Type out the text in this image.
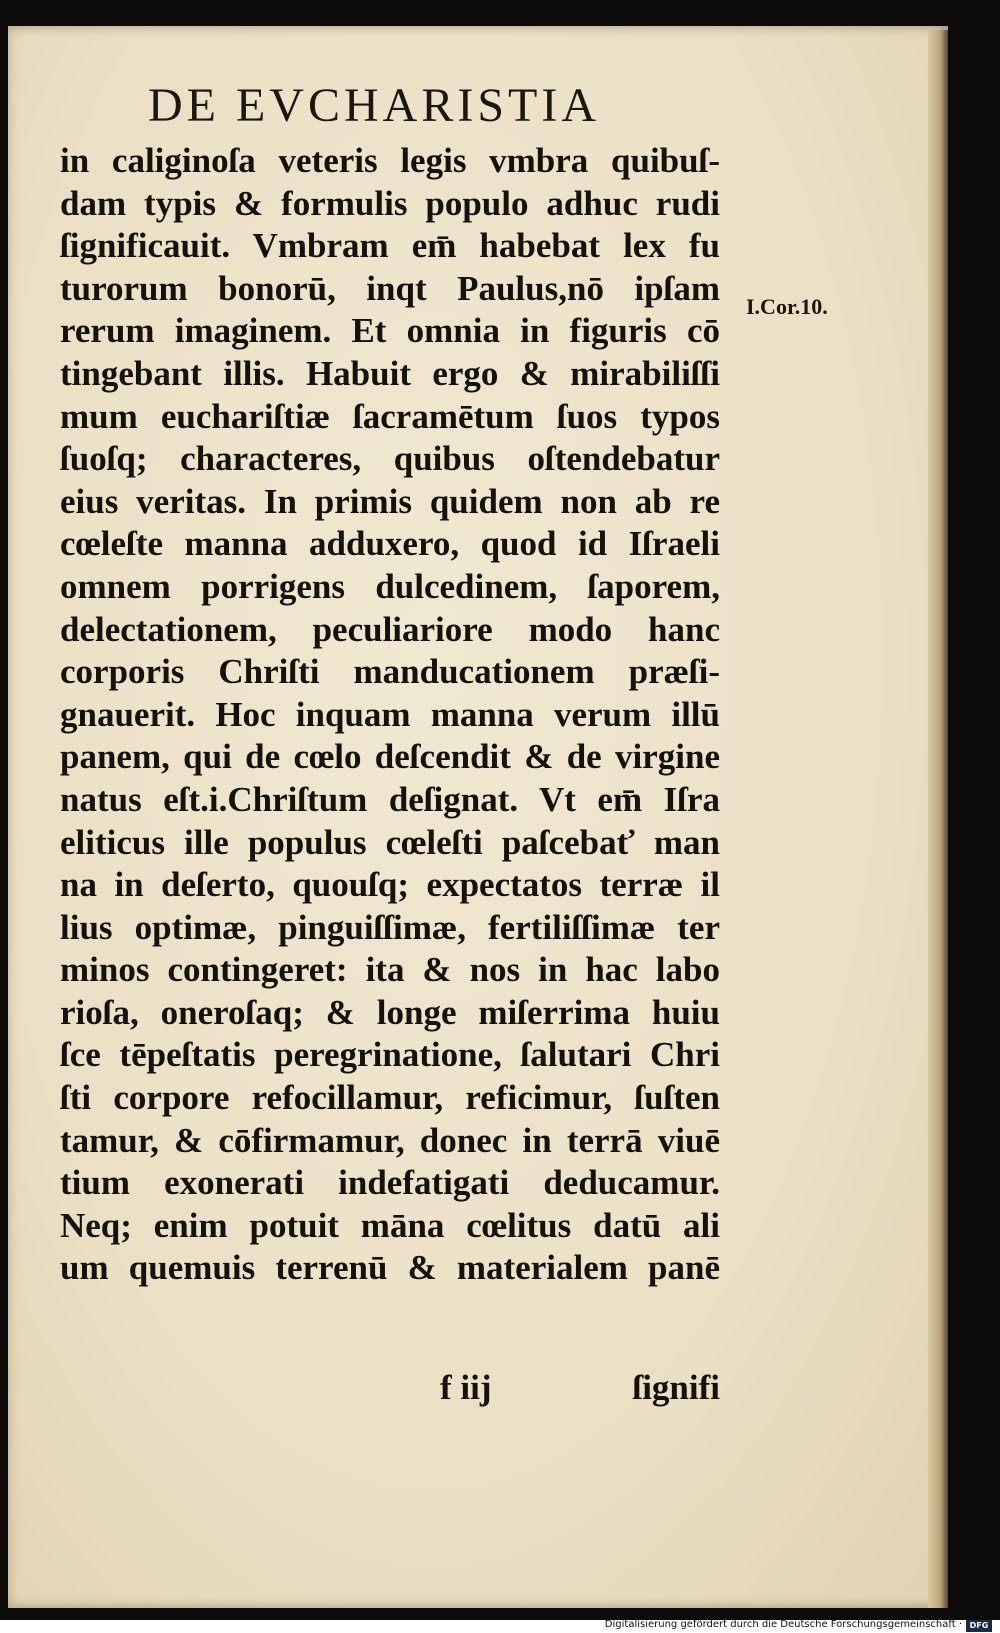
DE EVCHARISTIA
in caliginoſa veteris legis vmbra quibuſ-
dam typis & formulis populo adhuc rudi
ſignificauit. Vmbram em̄ habebat lex fu
turorum bonorū, inqt Paulus,nō ipſam
rerum imaginem. Et omnia in figuris cō
tingebant illis. Habuit ergo & mirabiliſſi
mum euchariſtiæ ſacramētum ſuos typos
ſuoſq; characteres, quibus oſtendebatur
eius veritas. In primis quidem non ab re
cœleſte manna adduxero, quod id Iſraeli
omnem porrigens dulcedinem, ſaporem,
delectationem, peculiariore modo hanc
corporis Chriſti manducationem præſi-
gnauerit. Hoc inquam manna verum illū
panem, qui de cœlo deſcendit & de virgine
natus eſt.i.Chriſtum deſignat. Vt em̄ Iſra
eliticus ille populus cœleſti paſcebať man
na in deſerto, quouſq; expectatos terræ il
lius optimæ, pinguiſſimæ, fertiliſſimæ ter
minos contingeret: ita & nos in hac labo
rioſa, oneroſaq; & longe miſerrima huiu
ſce tēpeſtatis peregrinatione, ſalutari Chri
ſti corpore refocillamur, reficimur, ſuſten
tamur, & cōfirmamur, donec in terrā viuē
tium exonerati indefatigati deducamur.
Neq; enim potuit māna cœlitus datū ali
um quemuis terrenū & materialem panē
I.Cor.10.
f iij	ſignifi
Digitalisierung gefördert durch die Deutsche Forschungsgemeinschaft · DFG
